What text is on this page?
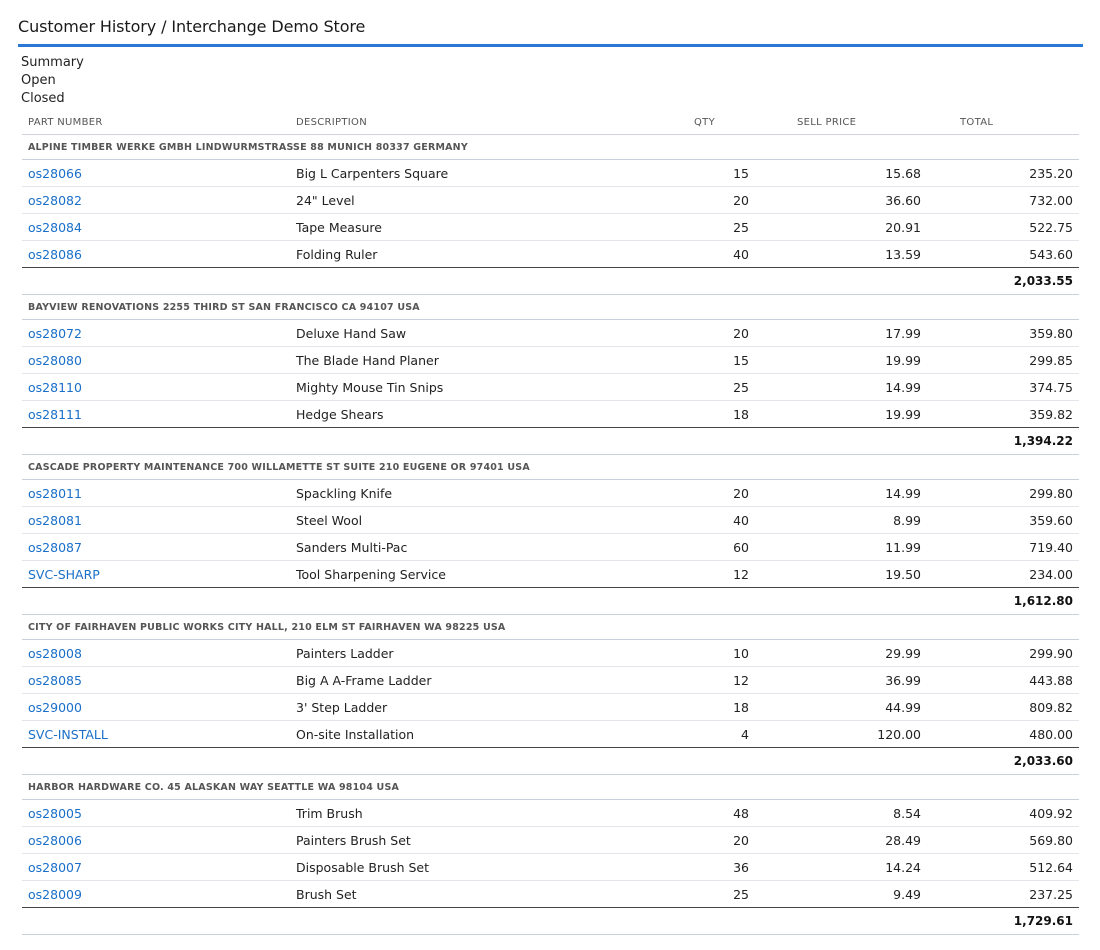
Customer History / Interchange Demo Store
Summary
Open
Closed
PART NUMBER	DESCRIPTION	QTY	SELL PRICE	TOTAL
ALPINE TIMBER WERKE GMBH LINDWURMSTRASSE 88 MUNICH 80337 GERMANY				
os28066	Big L Carpenters Square	15	15.68	235.20
os28082	24" Level	20	36.60	732.00
os28084	Tape Measure	25	20.91	522.75
os28086	Folding Ruler	40	13.59	543.60
2,033.55				
BAYVIEW RENOVATIONS 2255 THIRD ST SAN FRANCISCO CA 94107 USA				
os28072	Deluxe Hand Saw	20	17.99	359.80
os28080	The Blade Hand Planer	15	19.99	299.85
os28110	Mighty Mouse Tin Snips	25	14.99	374.75
os28111	Hedge Shears	18	19.99	359.82
1,394.22				
CASCADE PROPERTY MAINTENANCE 700 WILLAMETTE ST SUITE 210 EUGENE OR 97401 USA				
os28011	Spackling Knife	20	14.99	299.80
os28081	Steel Wool	40	8.99	359.60
os28087	Sanders Multi-Pac	60	11.99	719.40
SVC-SHARP	Tool Sharpening Service	12	19.50	234.00
1,612.80				
CITY OF FAIRHAVEN PUBLIC WORKS CITY HALL, 210 ELM ST FAIRHAVEN WA 98225 USA				
os28008	Painters Ladder	10	29.99	299.90
os28085	Big A A-Frame Ladder	12	36.99	443.88
os29000	3' Step Ladder	18	44.99	809.82
SVC-INSTALL	On-site Installation	4	120.00	480.00
2,033.60				
HARBOR HARDWARE CO. 45 ALASKAN WAY SEATTLE WA 98104 USA				
os28005	Trim Brush	48	8.54	409.92
os28006	Painters Brush Set	20	28.49	569.80
os28007	Disposable Brush Set	36	14.24	512.64
os28009	Brush Set	25	9.49	237.25
1,729.61				
